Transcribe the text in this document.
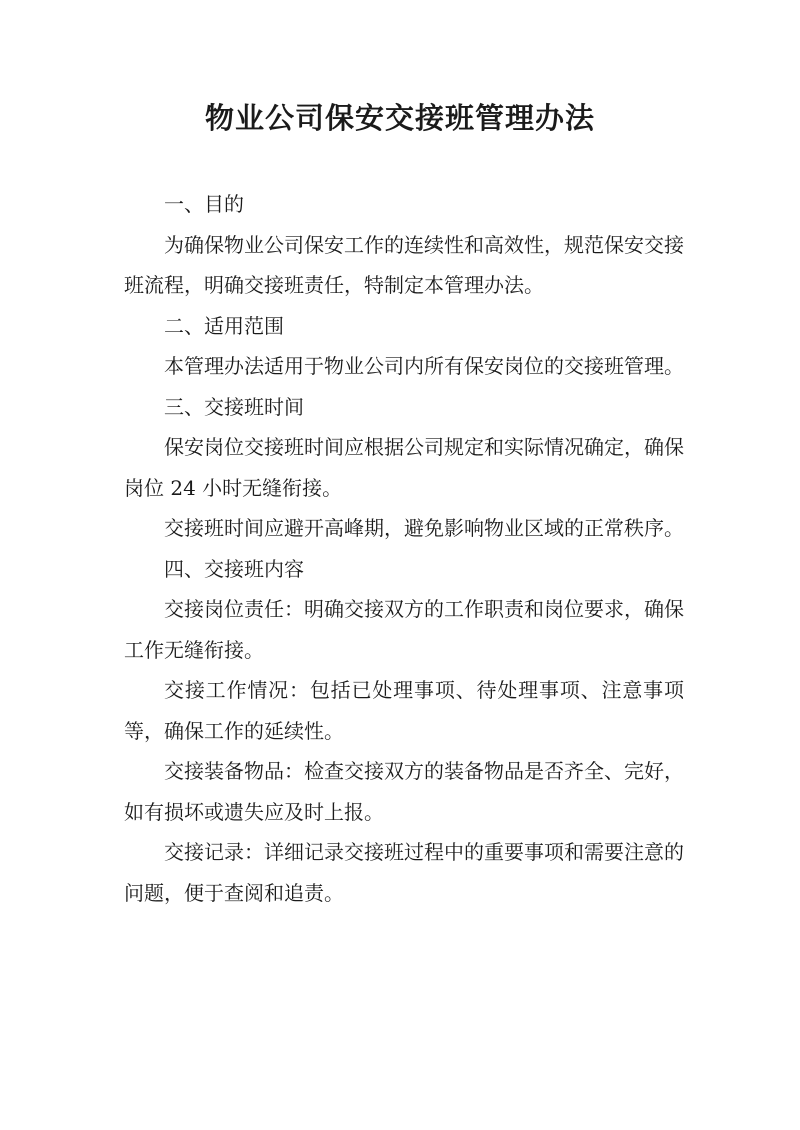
物业公司保安交接班管理办法

一、目的

为确保物业公司保安工作的连续性和高效性，规范保安交接班流程，明确交接班责任，特制定本管理办法。

二、适用范围

本管理办法适用于物业公司内所有保安岗位的交接班管理。

三、交接班时间

保安岗位交接班时间应根据公司规定和实际情况确定，确保岗位 24 小时无缝衔接。

交接班时间应避开高峰期，避免影响物业区域的正常秩序。

四、交接班内容

交接岗位责任：明确交接双方的工作职责和岗位要求，确保工作无缝衔接。

交接工作情况：包括已处理事项、待处理事项、注意事项等，确保工作的延续性。

交接装备物品：检查交接双方的装备物品是否齐全、完好，如有损坏或遗失应及时上报。

交接记录：详细记录交接班过程中的重要事项和需要注意的问题，便于查阅和追责。
